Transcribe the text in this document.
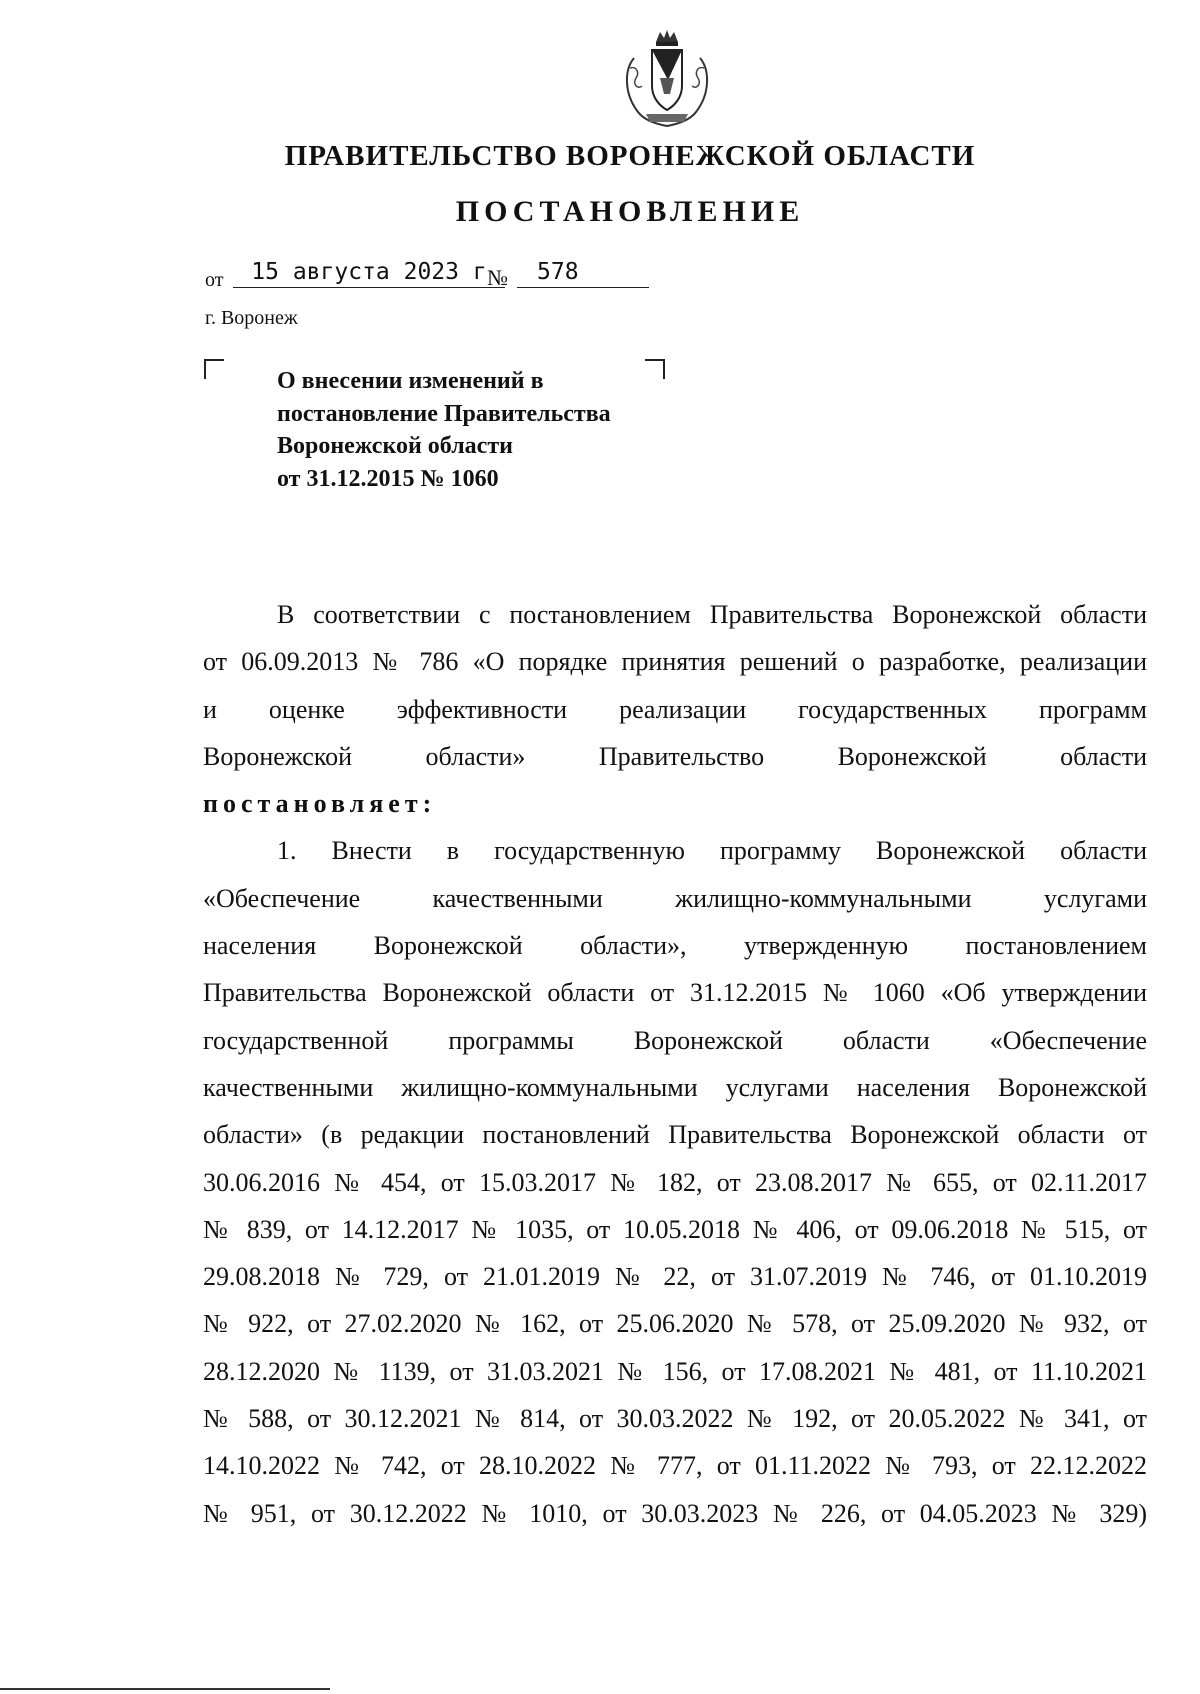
ПРАВИТЕЛЬСТВО ВОРОНЕЖСКОЙ ОБЛАСТИ
ПОСТАНОВЛЕНИЕ
от	15 августа 2023 г №	578
г. Воронеж
О внесении изменений в
постановление Правительства
Воронежской области
от 31.12.2015 № 1060
В соответствии с постановлением Правительства Воронежской области
от 06.09.2013 № 786 «О порядке принятия решений о разработке, реализации
и оценке эффективности реализации государственных программ
Воронежской области» Правительство Воронежской области
постановляет:
1. Внести в государственную программу Воронежской области
«Обеспечение качественными жилищно-коммунальными услугами
населения Воронежской области», утвержденную постановлением
Правительства Воронежской области от 31.12.2015 № 1060 «Об утверждении
государственной программы Воронежской области «Обеспечение
качественными жилищно-коммунальными услугами населения Воронежской
области» (в редакции постановлений Правительства Воронежской области от
30.06.2016 № 454, от 15.03.2017 № 182, от 23.08.2017 № 655, от 02.11.2017
№ 839, от 14.12.2017 № 1035, от 10.05.2018 № 406, от 09.06.2018 № 515, от
29.08.2018 № 729, от 21.01.2019 № 22, от 31.07.2019 № 746, от 01.10.2019
№ 922, от 27.02.2020 № 162, от 25.06.2020 № 578, от 25.09.2020 № 932, от
28.12.2020 № 1139, от 31.03.2021 № 156, от 17.08.2021 № 481, от 11.10.2021
№ 588, от 30.12.2021 № 814, от 30.03.2022 № 192, от 20.05.2022 № 341, от
14.10.2022 № 742, от 28.10.2022 № 777, от 01.11.2022 № 793, от 22.12.2022
№ 951, от 30.12.2022 № 1010, от 30.03.2023 № 226, от 04.05.2023 № 329)
